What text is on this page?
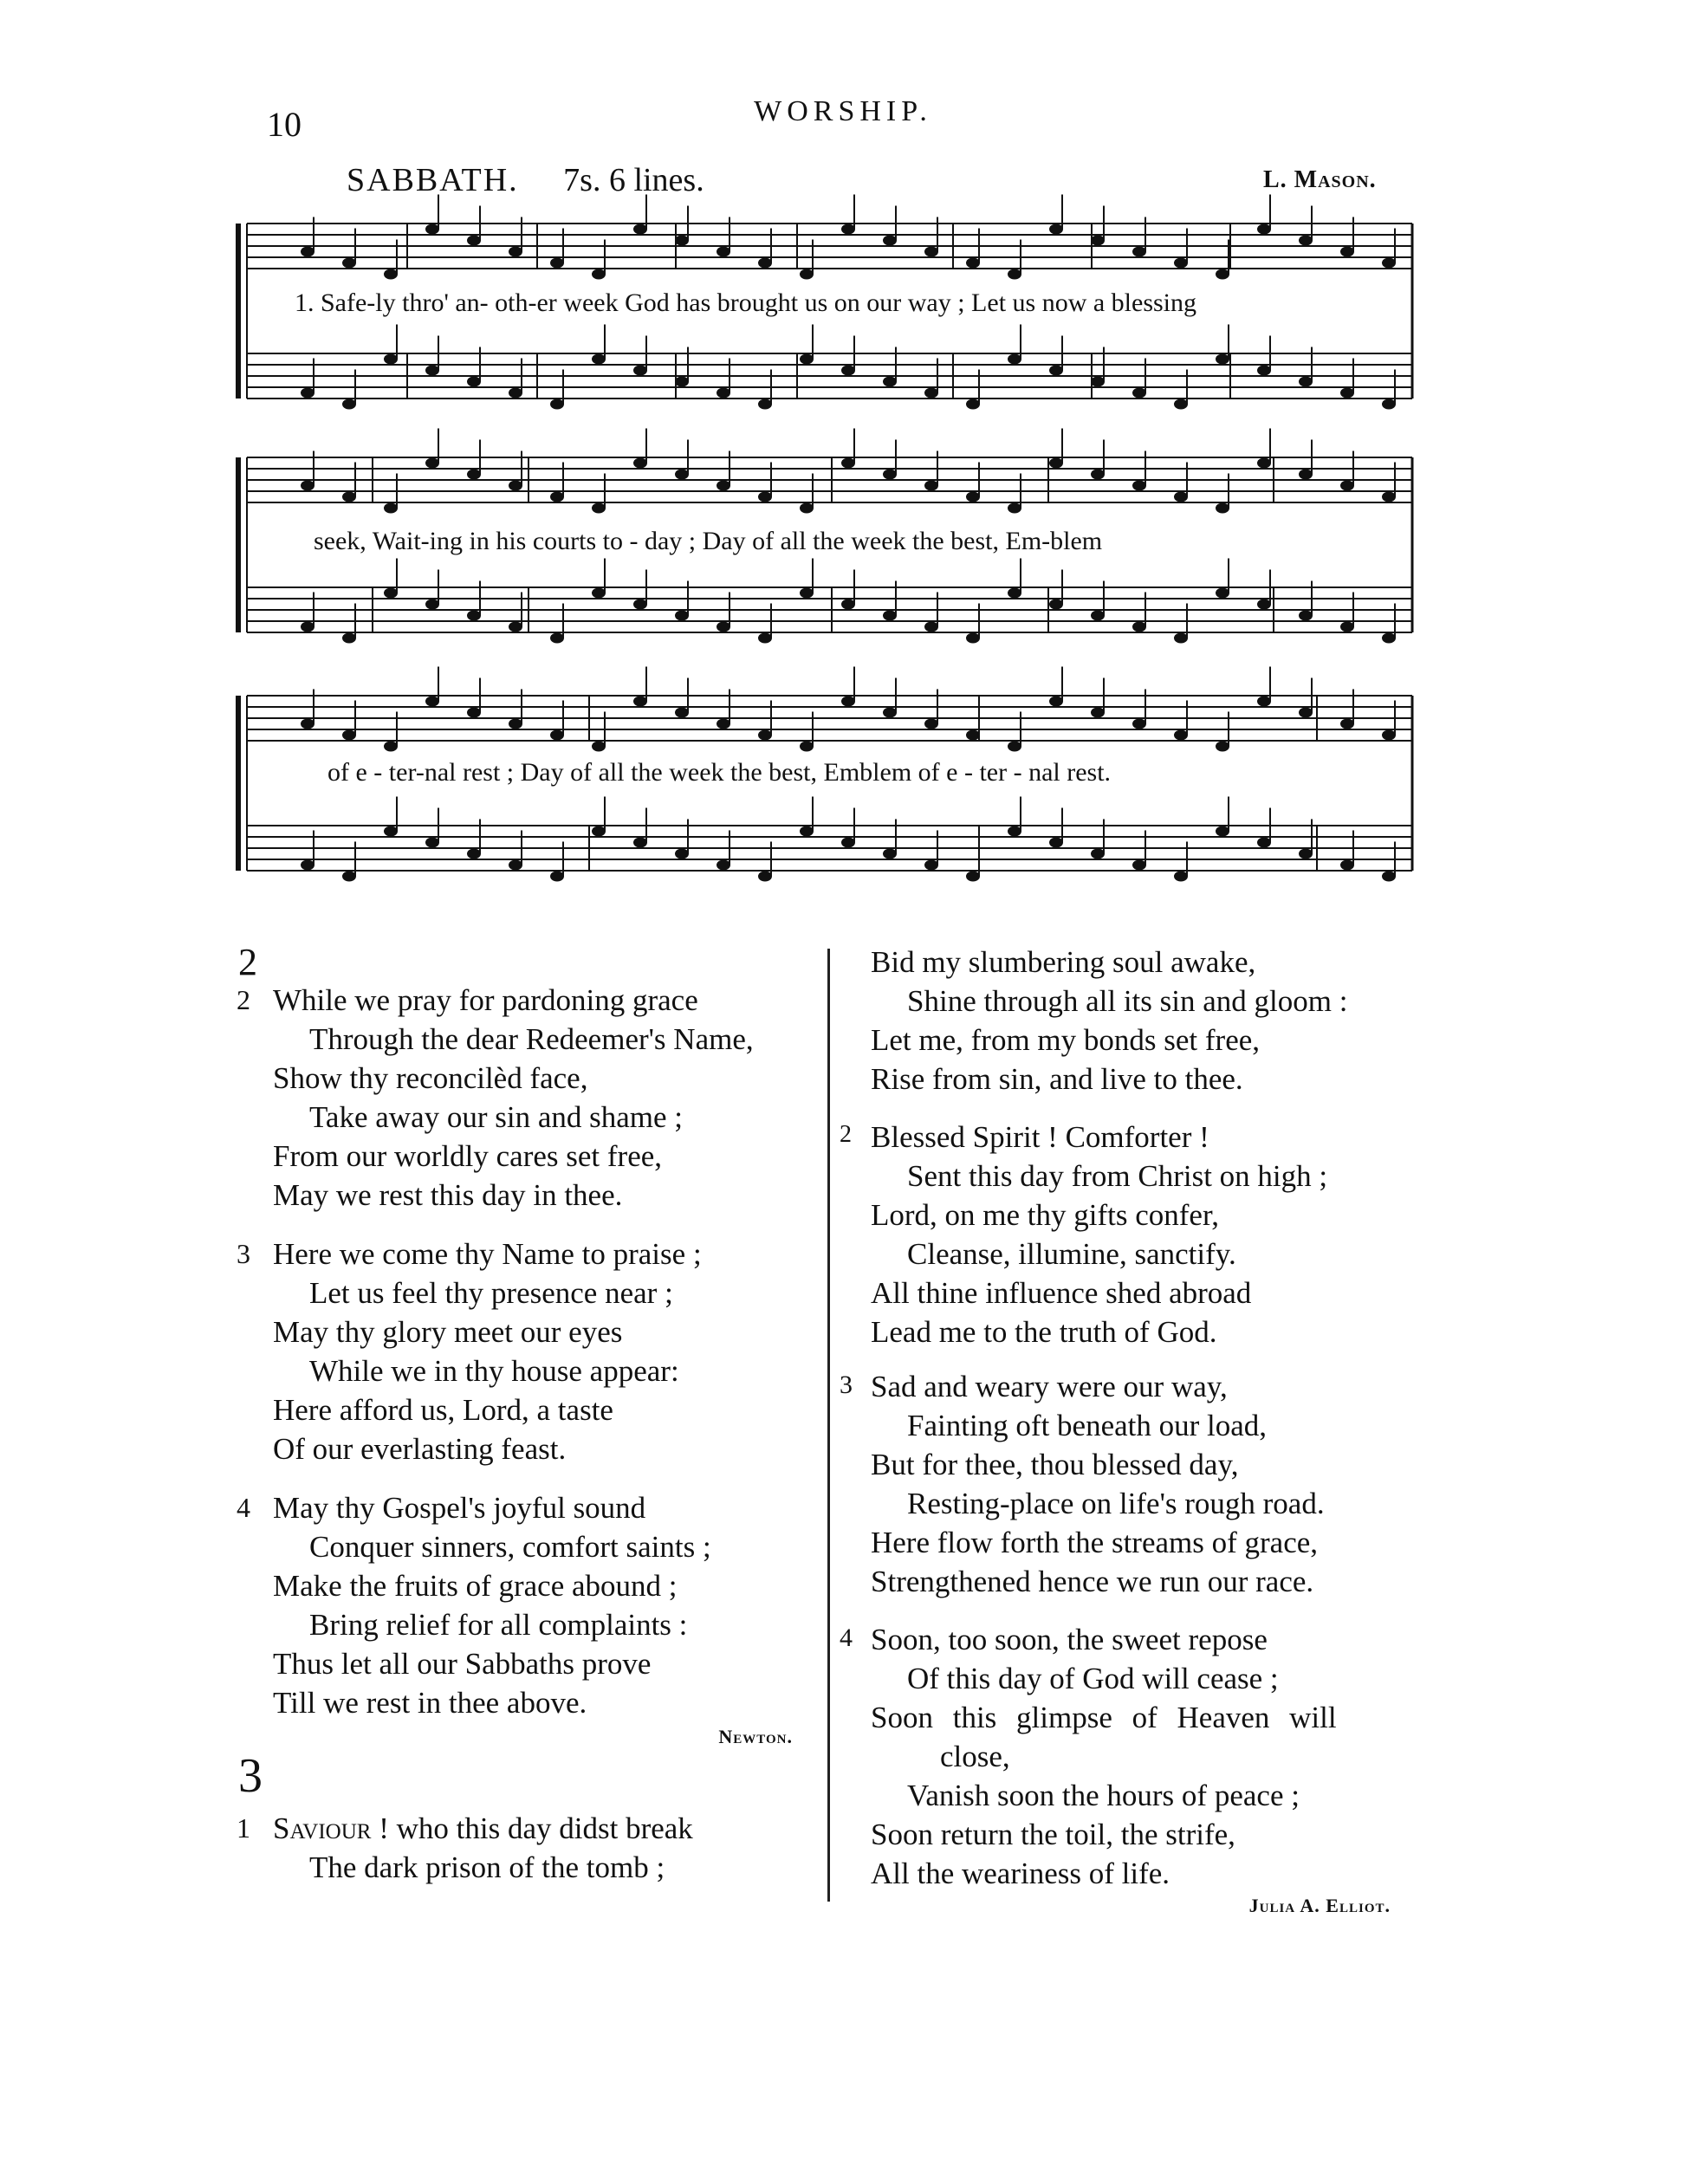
10	WORSHIP.
SABBATH. 7s. 6 lines.	L. Mason.
1. Safe-ly thro' an- oth-er week God has brought us on our way ; Let us now a blessing
seek, Wait-ing in his courts to - day ; Day of all the week the best, Em-blem
of e - ter-nal rest ; Day of all the week the best, Emblem of e - ter - nal rest.
2
2 While we pray for pardoning grace
Through the dear Redeemer's Name,
Show thy reconcilèd face,
Take away our sin and shame ;
From our worldly cares set free,
May we rest this day in thee.
3 Here we come thy Name to praise ;
Let us feel thy presence near ;
May thy glory meet our eyes
While we in thy house appear:
Here afford us, Lord, a taste
Of our everlasting feast.
4 May thy Gospel's joyful sound
Conquer sinners, comfort saints ;
Make the fruits of grace abound ;
Bring relief for all complaints :
Thus let all our Sabbaths prove
Till we rest in thee above.
Newton.
3
1 Saviour ! who this day didst break
The dark prison of the tomb ;
Bid my slumbering soul awake,
Shine through all its sin and gloom :
Let me, from my bonds set free,
Rise from sin, and live to thee.
2 Blessed Spirit ! Comforter !
Sent this day from Christ on high ;
Lord, on me thy gifts confer,
Cleanse, illumine, sanctify.
All thine influence shed abroad
Lead me to the truth of God.
3 Sad and weary were our way,
Fainting oft beneath our load,
But for thee, thou blessed day,
Resting-place on life's rough road.
Here flow forth the streams of grace,
Strengthened hence we run our race.
4 Soon, too soon, the sweet repose
Of this day of God will cease ;
Soon this glimpse of Heaven will
close,
Vanish soon the hours of peace ;
Soon return the toil, the strife,
All the weariness of life.
Julia A. Elliot.
